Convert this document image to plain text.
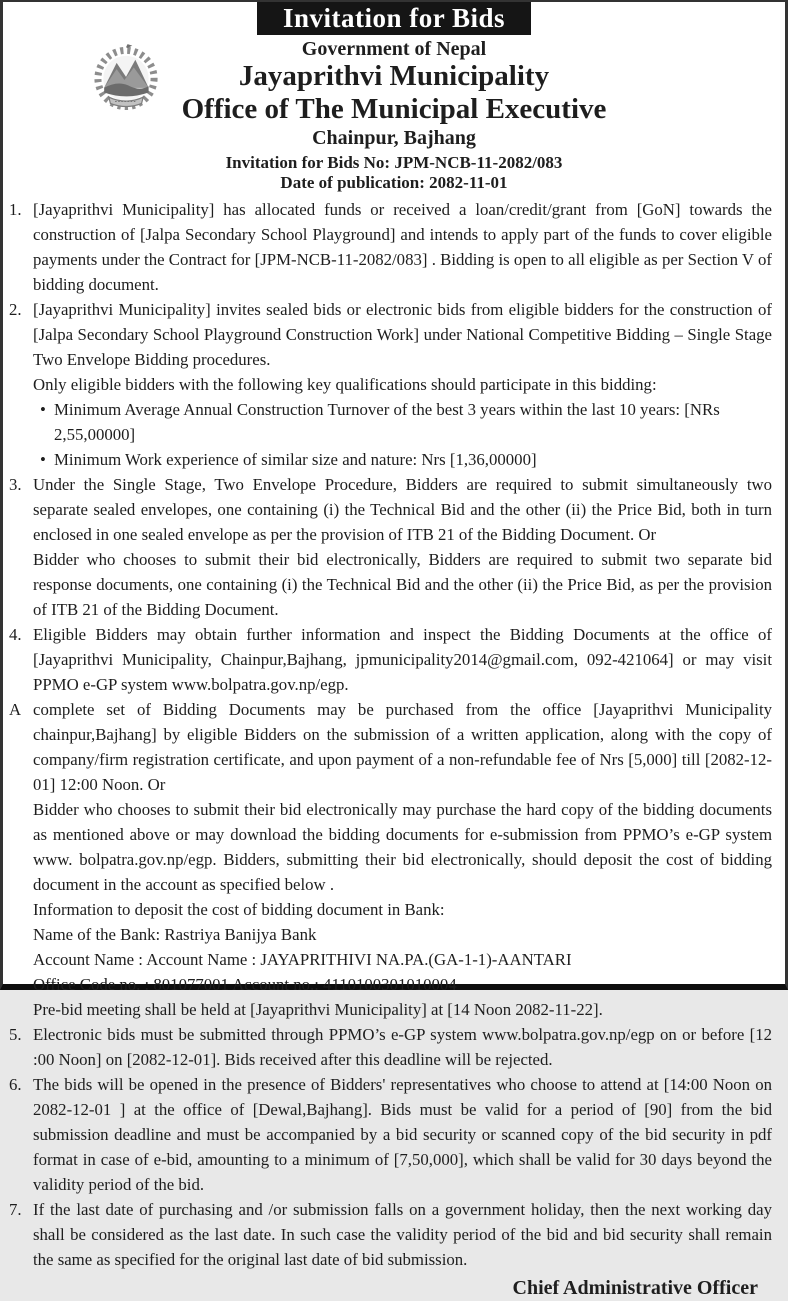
Invitation for Bids
Government of Nepal
Jayaprithvi Municipality
Office of The Municipal Executive
Chainpur, Bajhang
Invitation for Bids No: JPM-NCB-11-2082/083
Date of publication: 2082-11-01
1. [Jayaprithvi Municipality] has allocated funds or received a loan/credit/grant from [GoN] towards the construction of [Jalpa Secondary School Playground] and intends to apply part of the funds to cover eligible payments under the Contract for [JPM-NCB-11-2082/083] . Bidding is open to all eligible as per Section V of bidding document.

2. [Jayaprithvi Municipality] invites sealed bids or electronic bids from eligible bidders for the construction of [Jalpa Secondary School Playground Construction Work] under National Competitive Bidding – Single Stage Two Envelope Bidding procedures.

Only eligible bidders with the following key qualifications should participate in this bidding:

• Minimum Average Annual Construction Turnover of the best 3 years within the last 10 years: [NRs 2,55,00000]

• Minimum Work experience of similar size and nature: Nrs [1,36,00000]

3. Under the Single Stage, Two Envelope Procedure, Bidders are required to submit simultaneously two separate sealed envelopes, one containing (i) the Technical Bid and the other (ii) the Price Bid, both in turn enclosed in one sealed envelope as per the provision of ITB 21 of the Bidding Document. Or

Bidder who chooses to submit their bid electronically, Bidders are required to submit two separate bid response documents, one containing (i) the Technical Bid and the other (ii) the Price Bid, as per the provision of ITB 21 of the Bidding Document.

4. Eligible Bidders may obtain further information and inspect the Bidding Documents at the office of [Jayaprithvi Municipality, Chainpur,Bajhang, jpmunicipality2014@gmail.com, 092-421064] or may visit PPMO e-GP system www.bolpatra.gov.np/egp.

A complete set of Bidding Documents may be purchased from the office [Jayaprithvi Municipality chainpur,Bajhang] by eligible Bidders on the submission of a written application, along with the copy of company/firm registration certificate, and upon payment of a non-refundable fee of Nrs [5,000] till [2082-12-01] 12:00 Noon. Or

Bidder who chooses to submit their bid electronically may purchase the hard copy of the bidding documents as mentioned above or may download the bidding documents for e-submission from PPMO’s e-GP system www. bolpatra.gov.np/egp. Bidders, submitting their bid electronically, should deposit the cost of bidding document in the account as specified below .

Information to deposit the cost of bidding document in Bank:

Name of the Bank: Rastriya Banijya Bank

Account Name : Account Name : JAYAPRITHIVI NA.PA.(GA-1-1)-AANTARI

Office Code no. : 801077001 Account no.: 4110100301010004

Pre-bid meeting shall be held at [Jayaprithvi Municipality] at [14 Noon 2082-11-22].

5. Electronic bids must be submitted through PPMO’s e-GP system www.bolpatra.gov.np/egp on or before [12 :00 Noon] on [2082-12-01]. Bids received after this deadline will be rejected.

6. The bids will be opened in the presence of Bidders' representatives who choose to attend at [14:00 Noon on 2082-12-01 ] at the office of [Dewal,Bajhang]. Bids must be valid for a period of [90] from the bid submission deadline and must be accompanied by a bid security or scanned copy of the bid security in pdf format in case of e-bid, amounting to a minimum of [7,50,000], which shall be valid for 30 days beyond the validity period of the bid.

7. If the last date of purchasing and /or submission falls on a government holiday, then the next working day shall be considered as the last date. In such case the validity period of the bid and bid security shall remain the same as specified for the original last date of bid submission.

Chief Administrative Officer
